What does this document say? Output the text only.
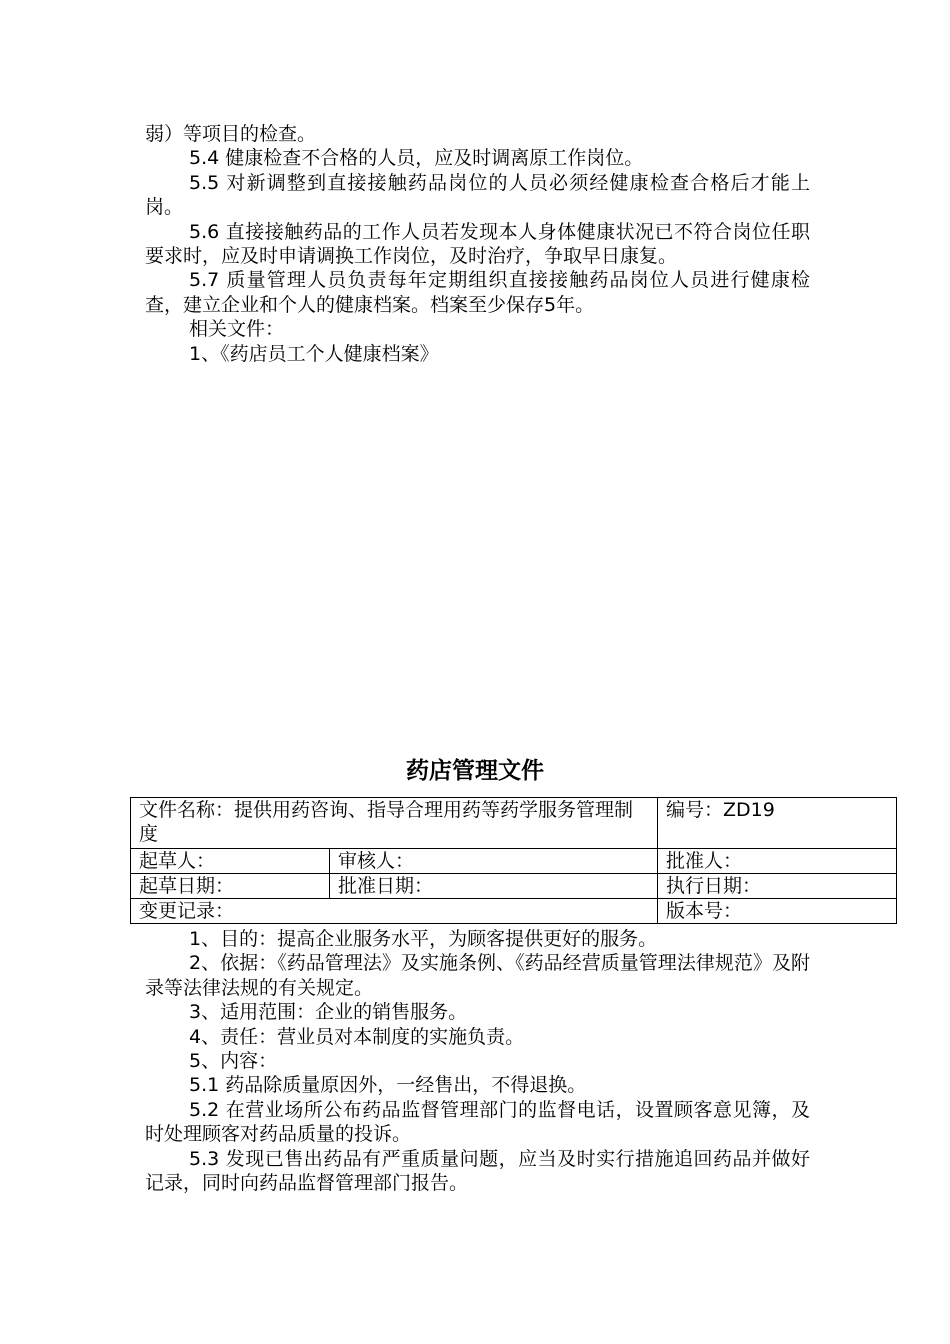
弱）等项目的检查。

5.4 健康检查不合格的人员，应及时调离原工作岗位。

5.5 对新调整到直接接触药品岗位的人员必须经健康检查合格后才能上岗。

5.6 直接接触药品的工作人员若发现本人身体健康状况已不符合岗位任职要求时，应及时申请调换工作岗位，及时治疗，争取早日康复。

5.7 质量管理人员负责每年定期组织直接接触药品岗位人员进行健康检查，建立企业和个人的健康档案。档案至少保存5年。

相关文件：

1、《药店员工个人健康档案》

药店管理文件
文件名称：提供用药咨询、指导合理用药等药学服务管理制度		编号：ZD19
起草人：	审核人：	批准人：
起草日期：	批准日期：	执行日期：
变更记录：		版本号：

1、目的：提高企业服务水平，为顾客提供更好的服务。

2、依据：《药品管理法》及实施条例、《药品经营质量管理法律规范》及附录等法律法规的有关规定。

3、适用范围：企业的销售服务。

4、责任：营业员对本制度的实施负责。

5、内容：

5.1 药品除质量原因外，一经售出，不得退换。

5.2 在营业场所公布药品监督管理部门的监督电话，设置顾客意见簿，及时处理顾客对药品质量的投诉。

5.3 发现已售出药品有严重质量问题，应当及时实行措施追回药品并做好记录，同时向药品监督管理部门报告。
